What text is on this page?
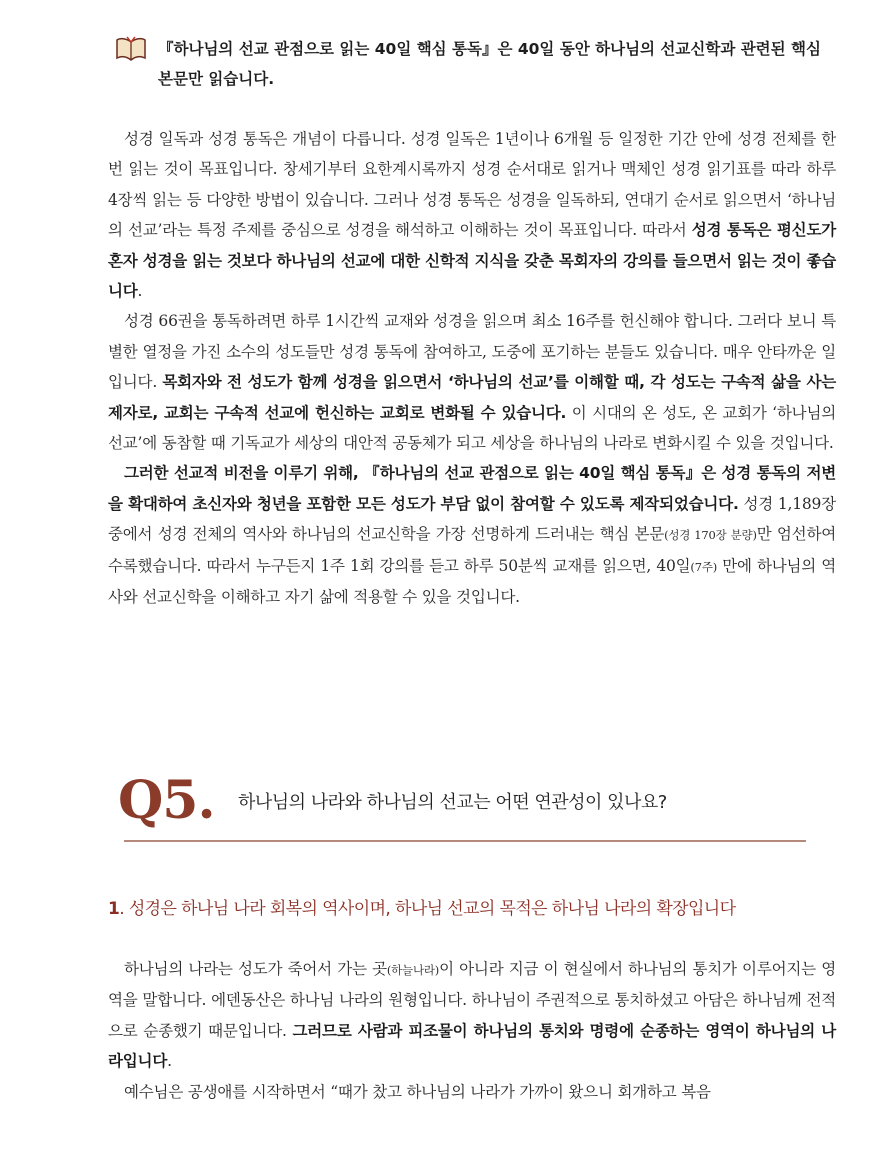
『하나님의 선교 관점으로 읽는 40일 핵심 통독』은 40일 동안 하나님의 선교신학과 관련된 핵심 본문만 읽습니다.

성경 일독과 성경 통독은 개념이 다릅니다. 성경 일독은 1년이나 6개월 등 일정한 기간 안에 성경 전체를 한 번 읽는 것이 목표입니다. 창세기부터 요한계시록까지 성경 순서대로 읽거나 맥체인 성경 읽기표를 따라 하루 4장씩 읽는 등 다양한 방법이 있습니다. 그러나 성경 통독은 성경을 일독하되, 연대기 순서로 읽으면서 ‘하나님의 선교’라는 특정 주제를 중심으로 성경을 해석하고 이해하는 것이 목표입니다. 따라서 성경 통독은 평신도가 혼자 성경을 읽는 것보다 하나님의 선교에 대한 신학적 지식을 갖춘 목회자의 강의를 들으면서 읽는 것이 좋습니다.

성경 66권을 통독하려면 하루 1시간씩 교재와 성경을 읽으며 최소 16주를 헌신해야 합니다. 그러다 보니 특별한 열정을 가진 소수의 성도들만 성경 통독에 참여하고, 도중에 포기하는 분들도 있습니다. 매우 안타까운 일입니다. 목회자와 전 성도가 함께 성경을 읽으면서 ‘하나님의 선교’를 이해할 때, 각 성도는 구속적 삶을 사는 제자로, 교회는 구속적 선교에 헌신하는 교회로 변화될 수 있습니다. 이 시대의 온 성도, 온 교회가 ‘하나님의 선교’에 동참할 때 기독교가 세상의 대안적 공동체가 되고 세상을 하나님의 나라로 변화시킬 수 있을 것입니다.

그러한 선교적 비전을 이루기 위해, 『하나님의 선교 관점으로 읽는 40일 핵심 통독』은 성경 통독의 저변을 확대하여 초신자와 청년을 포함한 모든 성도가 부담 없이 참여할 수 있도록 제작되었습니다. 성경 1,189장 중에서 성경 전체의 역사와 하나님의 선교신학을 가장 선명하게 드러내는 핵심 본문(성경 170장 분량)만 엄선하여 수록했습니다. 따라서 누구든지 1주 1회 강의를 듣고 하루 50분씩 교재를 읽으면, 40일(7주) 만에 하나님의 역사와 선교신학을 이해하고 자기 삶에 적용할 수 있을 것입니다.

Q5. 하나님의 나라와 하나님의 선교는 어떤 연관성이 있나요?
1. 성경은 하나님 나라 회복의 역사이며, 하나님 선교의 목적은 하나님 나라의 확장입니다

하나님의 나라는 성도가 죽어서 가는 곳(하늘나라)이 아니라 지금 이 현실에서 하나님의 통치가 이루어지는 영역을 말합니다. 에덴동산은 하나님 나라의 원형입니다. 하나님이 주권적으로 통치하셨고 아담은 하나님께 전적으로 순종했기 때문입니다. 그러므로 사람과 피조물이 하나님의 통치와 명령에 순종하는 영역이 하나님의 나라입니다.

예수님은 공생애를 시작하면서 “때가 찼고 하나님의 나라가 가까이 왔으니 회개하고 복음
